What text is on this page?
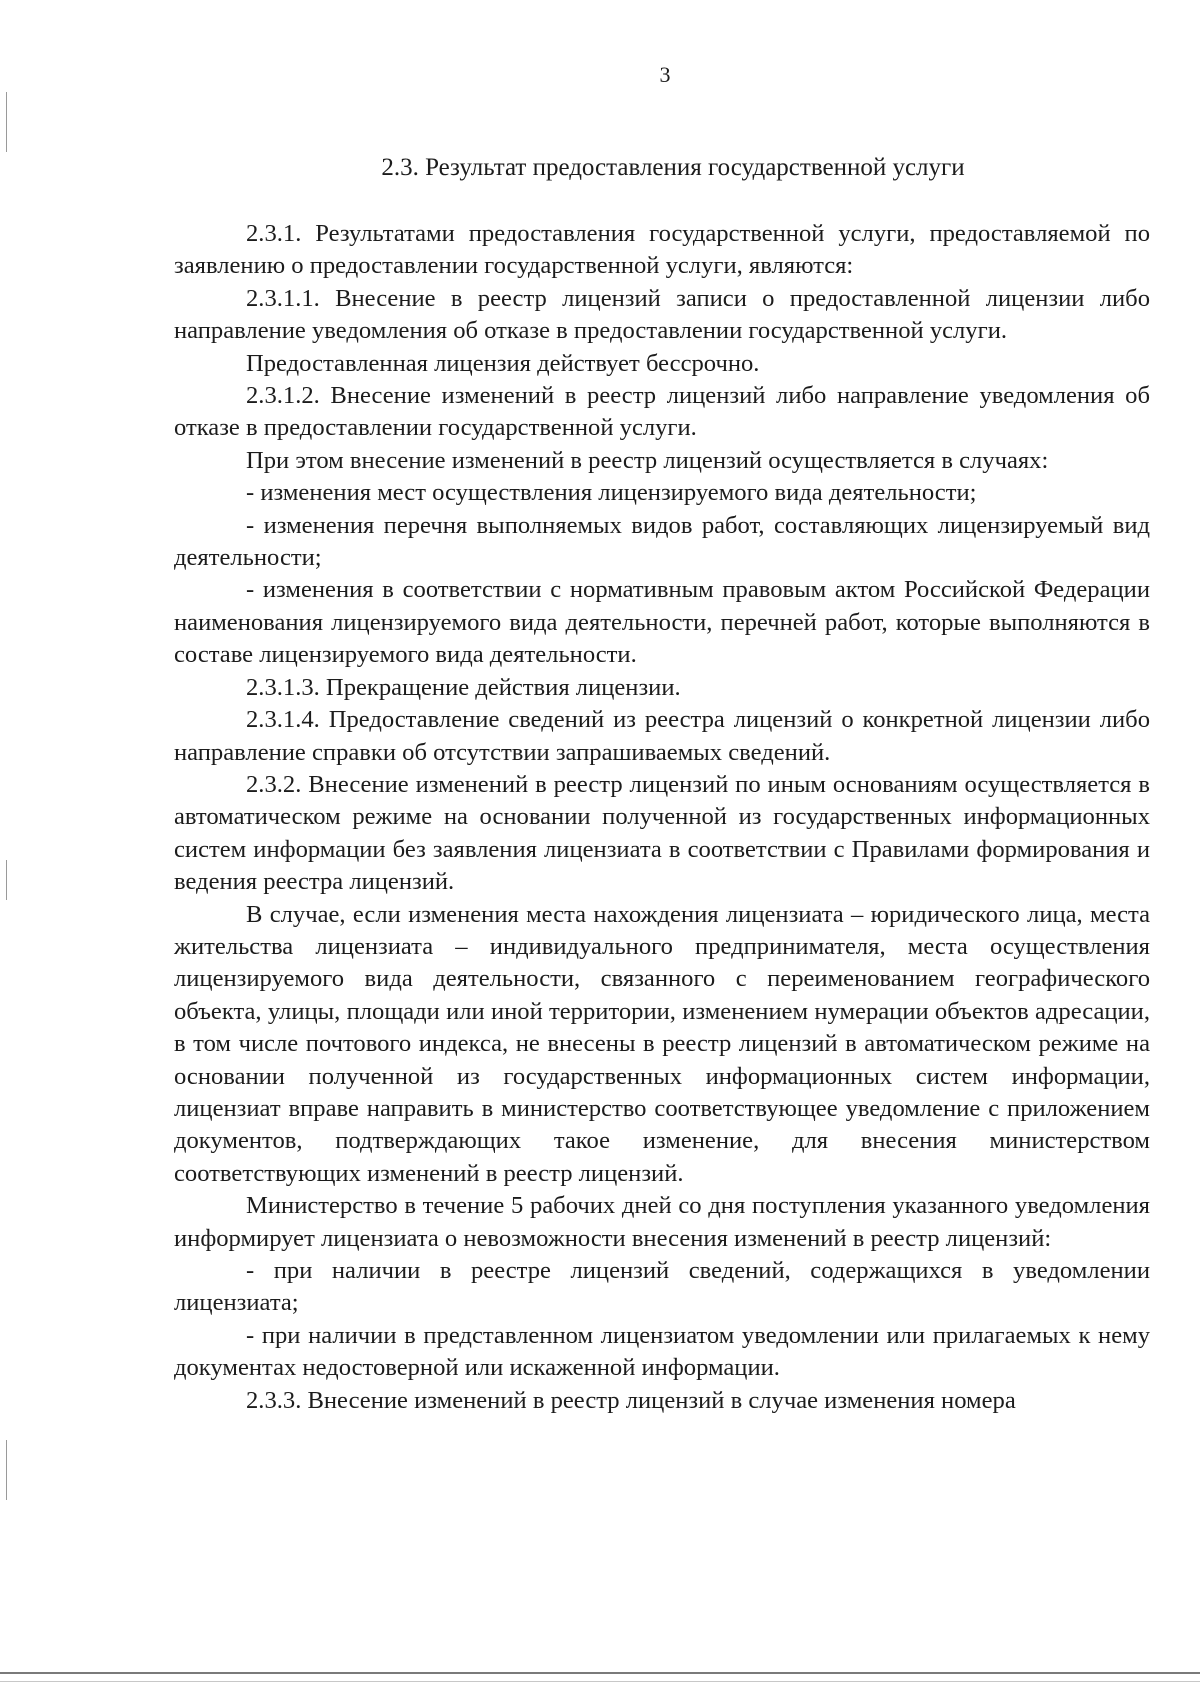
3
2.3. Результат предоставления государственной услуги

2.3.1. Результатами предоставления государственной услуги, предоставляемой по заявлению о предоставлении государственной услуги, являются:

2.3.1.1. Внесение в реестр лицензий записи о предоставленной лицензии либо направление уведомления об отказе в предоставлении государственной услуги.

Предоставленная лицензия действует бессрочно.

2.3.1.2. Внесение изменений в реестр лицензий либо направление уведомления об отказе в предоставлении государственной услуги.

При этом внесение изменений в реестр лицензий осуществляется в случаях:

- изменения мест осуществления лицензируемого вида деятельности;

- изменения перечня выполняемых видов работ, составляющих лицензируемый вид деятельности;

- изменения в соответствии с нормативным правовым актом Российской Федерации наименования лицензируемого вида деятельности, перечней работ, которые выполняются в составе лицензируемого вида деятельности.

2.3.1.3. Прекращение действия лицензии.

2.3.1.4. Предоставление сведений из реестра лицензий о конкретной лицензии либо направление справки об отсутствии запрашиваемых сведений.

2.3.2. Внесение изменений в реестр лицензий по иным основаниям осуществляется в автоматическом режиме на основании полученной из государственных информационных систем информации без заявления лицензиата в соответствии с Правилами формирования и ведения реестра лицензий.

В случае, если изменения места нахождения лицензиата – юридического лица, места жительства лицензиата – индивидуального предпринимателя, места осуществления лицензируемого вида деятельности, связанного с переименованием географического объекта, улицы, площади или иной территории, изменением нумерации объектов адресации, в том числе почтового индекса, не внесены в реестр лицензий в автоматическом режиме на основании полученной из государственных информационных систем информации, лицензиат вправе направить в министерство соответствующее уведомление с приложением документов, подтверждающих такое изменение, для внесения министерством соответствующих изменений в реестр лицензий.

Министерство в течение 5 рабочих дней со дня поступления указанного уведомления информирует лицензиата о невозможности внесения изменений в реестр лицензий:

- при наличии в реестре лицензий сведений, содержащихся в уведомлении лицензиата;

- при наличии в представленном лицензиатом уведомлении или прилагаемых к нему документах недостоверной или искаженной информации.

2.3.3. Внесение изменений в реестр лицензий в случае изменения номера
